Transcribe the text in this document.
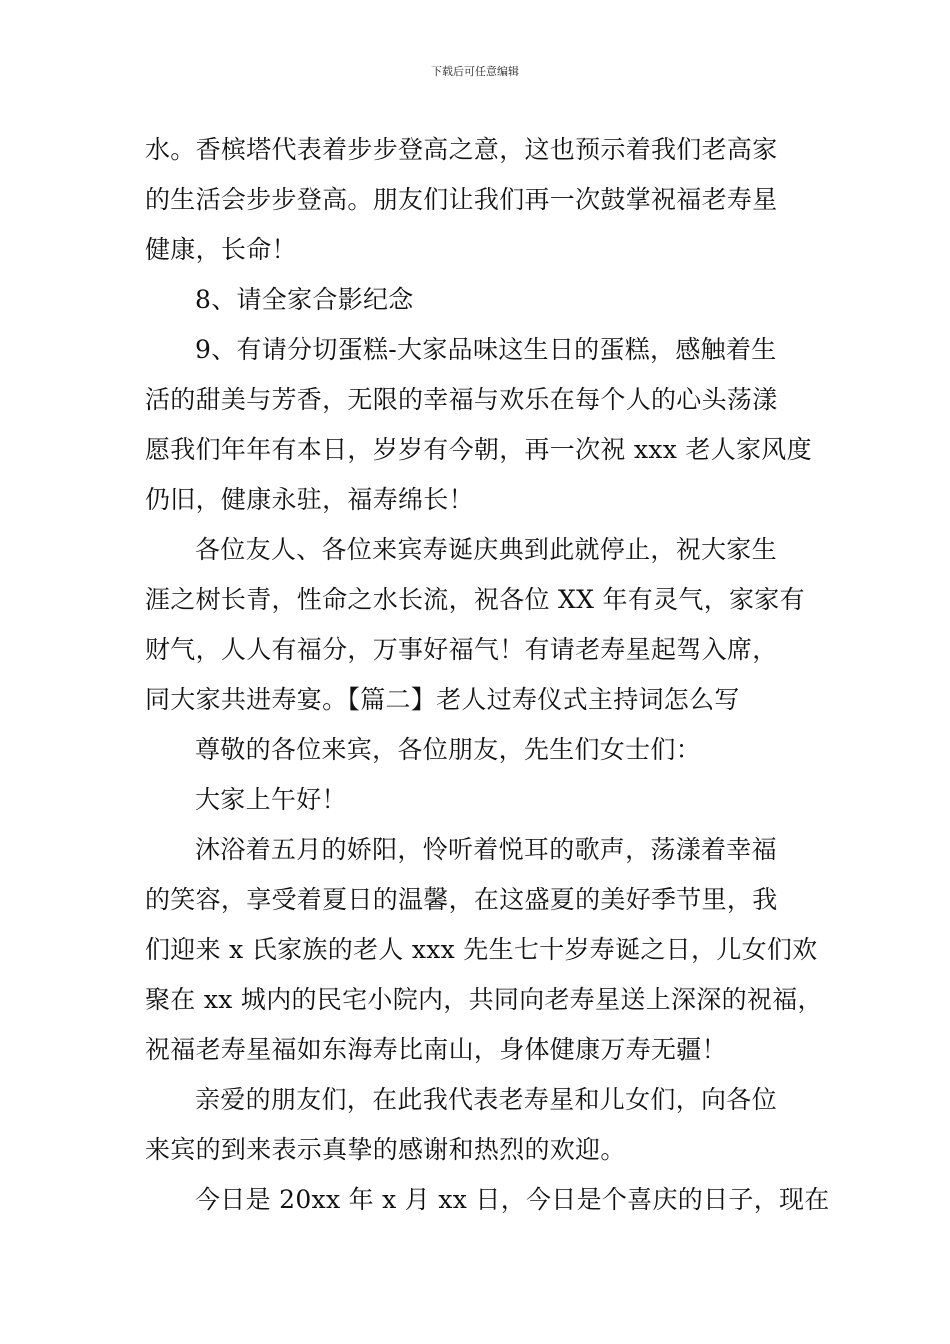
下载后可任意编辑
水。香槟塔代表着步步登高之意，这也预示着我们老高家
的生活会步步登高。朋友们让我们再一次鼓掌祝福老寿星
健康，长命！
8、请全家合影纪念
9、有请分切蛋糕-大家品味这生日的蛋糕，感触着生
活的甜美与芳香，无限的幸福与欢乐在每个人的心头荡漾
愿我们年年有本日，岁岁有今朝，再一次祝 xxx 老人家风度
仍旧，健康永驻，福寿绵长！
各位友人、各位来宾寿诞庆典到此就停止，祝大家生
涯之树长青，性命之水长流，祝各位 XX 年有灵气，家家有
财气，人人有福分，万事好福气！有请老寿星起驾入席，
同大家共进寿宴。【篇二】老人过寿仪式主持词怎么写
尊敬的各位来宾，各位朋友，先生们女士们：
大家上午好！
沐浴着五月的娇阳，怜听着悦耳的歌声，荡漾着幸福
的笑容，享受着夏日的温馨，在这盛夏的美好季节里，我
们迎来 x 氏家族的老人 xxx 先生七十岁寿诞之日，儿女们欢
聚在 xx 城内的民宅小院内，共同向老寿星送上深深的祝福，
祝福老寿星福如东海寿比南山，身体健康万寿无疆！
亲爱的朋友们，在此我代表老寿星和儿女们，向各位
来宾的到来表示真挚的感谢和热烈的欢迎。
今日是 20xx 年 x 月 xx 日，今日是个喜庆的日子，现在
